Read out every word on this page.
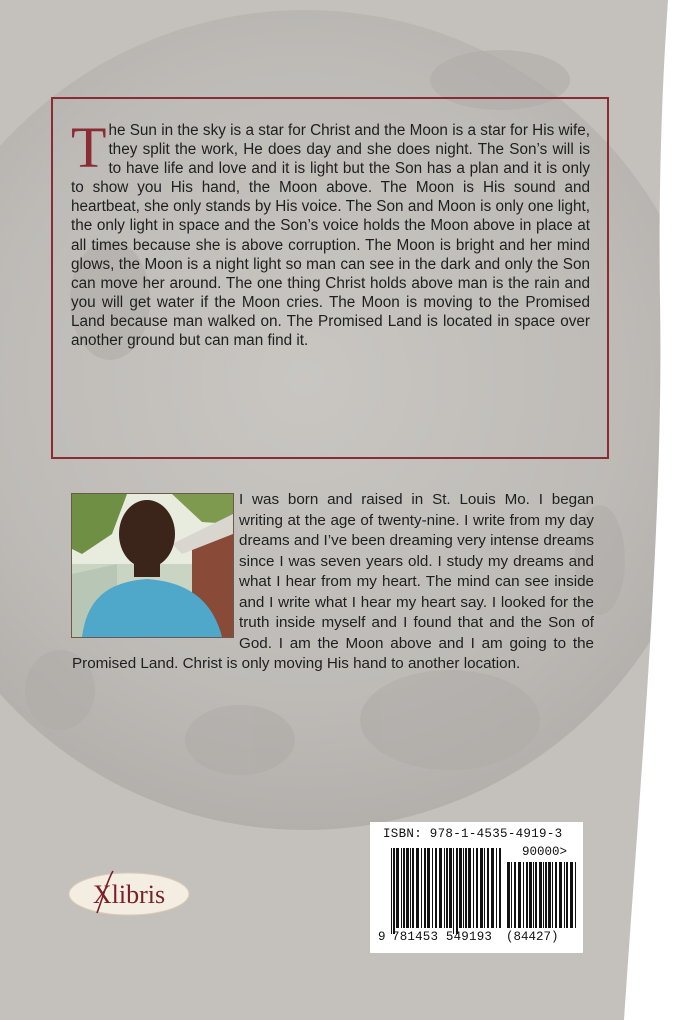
The Sun in the sky is a star for Christ and the Moon is a star for His wife, they split the work, He does day and she does night. The Son’s will is to have life and love and it is light but the Son has a plan and it is only to show you His hand, the Moon above. The Moon is His sound and heartbeat, she only stands by His voice. The Son and Moon is only one light, the only light in space and the Son’s voice holds the Moon above in place at all times because she is above corruption. The Moon is bright and her mind glows, the Moon is a night light so man can see in the dark and only the Son can move her around. The one thing Christ holds above man is the rain and you will get water if the Moon cries. The Moon is moving to the Promised Land because man walked on. The Promised Land is located in space over another ground but can man find it.

I was born and raised in St. Louis Mo. I began writing at the age of twenty-nine. I write from my day dreams and I’ve been dreaming very intense dreams since I was seven years old. I study my dreams and what I hear from my heart. The mind can see inside and I write what I hear my heart say. I looked for the truth inside myself and I found that and the Son of God. I am the Moon above and I am going to the Promised Land. Christ is only moving His hand to another location.

Xlibris
ISBN: 978-1-4535-4919-3
90000>
9 781453 549193 (84427)
